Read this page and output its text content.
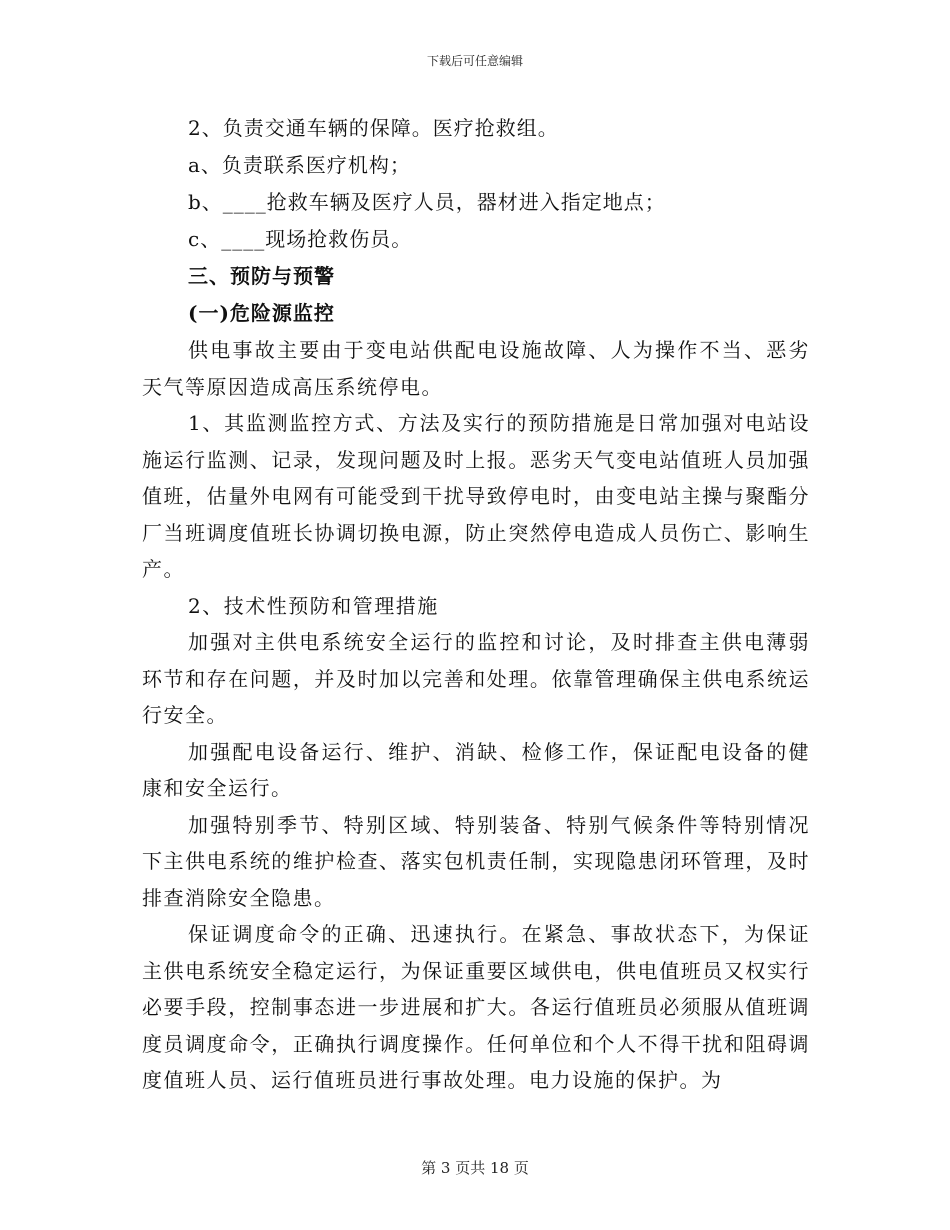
下载后可任意编辑
2、负责交通车辆的保障。医疗抢救组。
a、负责联系医疗机构；
b、____抢救车辆及医疗人员，器材进入指定地点；
c、____现场抢救伤员。
三、预防与预警
(一)危险源监控

供电事故主要由于变电站供配电设施故障、人为操作不当、恶劣天气等原因造成高压系统停电。

1、其监测监控方式、方法及实行的预防措施是日常加强对电站设施运行监测、记录，发现问题及时上报。恶劣天气变电站值班人员加强值班，估量外电网有可能受到干扰导致停电时，由变电站主操与聚酯分厂当班调度值班长协调切换电源，防止突然停电造成人员伤亡、影响生产。

2、技术性预防和管理措施

加强对主供电系统安全运行的监控和讨论，及时排查主供电薄弱环节和存在问题，并及时加以完善和处理。依靠管理确保主供电系统运行安全。

加强配电设备运行、维护、消缺、检修工作，保证配电设备的健康和安全运行。

加强特别季节、特别区域、特别装备、特别气候条件等特别情况下主供电系统的维护检查、落实包机责任制，实现隐患闭环管理，及时排查消除安全隐患。

保证调度命令的正确、迅速执行。在紧急、事故状态下，为保证主供电系统安全稳定运行，为保证重要区域供电，供电值班员又权实行必要手段，控制事态进一步进展和扩大。各运行值班员必须服从值班调度员调度命令，正确执行调度操作。任何单位和个人不得干扰和阻碍调度值班人员、运行值班员进行事故处理。电力设施的保护。为

第 3 页共 18 页
